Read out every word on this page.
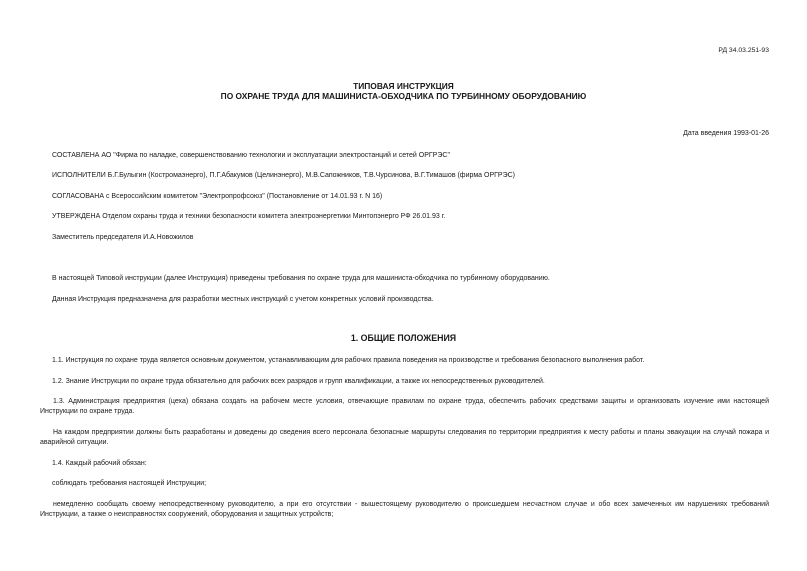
РД 34.03.251-93
ТИПОВАЯ ИНСТРУКЦИЯ
ПО ОХРАНЕ ТРУДА ДЛЯ МАШИНИСТА-ОБХОДЧИКА ПО ТУРБИННОМУ ОБОРУДОВАНИЮ
Дата введения 1993-01-26
СОСТАВЛЕНА АО "Фирма по наладке, совершенствованию технологии и эксплуатации электростанций и сетей ОРГРЭС"
ИСПОЛНИТЕЛИ Б.Г.Булыгин (Костромаэнерго), П.Г.Абакумов (Целинэнерго), М.В.Сапожников, Т.В.Чурсинова, В.Г.Тимашов (фирма ОРГРЭС)
СОГЛАСОВАНА с Всероссийским комитетом "Электропрофсоюз" (Постановление от 14.01.93 г. N 16)
УТВЕРЖДЕНА Отделом охраны труда и техники безопасности комитета электроэнергетики Минтопэнерго РФ 26.01.93 г.
Заместитель председателя И.А.Новожилов
В настоящей Типовой инструкции (далее Инструкция) приведены требования по охране труда для машиниста-обходчика по турбинному оборудованию.
Данная Инструкция предназначена для разработки местных инструкций с учетом конкретных условий производства.
1. ОБЩИЕ ПОЛОЖЕНИЯ
1.1. Инструкция по охране труда является основным документом, устанавливающим для рабочих правила поведения на производстве и требования безопасного выполнения работ.
1.2. Знание Инструкции по охране труда обязательно для рабочих всех разрядов и групп квалификации, а также их непосредственных руководителей.
1.3. Администрация предприятия (цеха) обязана создать на рабочем месте условия, отвечающие правилам по охране труда, обеспечить рабочих средствами защиты и организовать изучение ими настоящей Инструкции по охране труда.
На каждом предприятии должны быть разработаны и доведены до сведения всего персонала безопасные маршруты следования по территории предприятия к месту работы и планы эвакуации на случай пожара и аварийной ситуации.
1.4. Каждый рабочий обязан:
соблюдать требования настоящей Инструкции;
немедленно сообщать своему непосредственному руководителю, а при его отсутствии - вышестоящему руководителю о происшедшем несчастном случае и обо всех замеченных им нарушениях требований Инструкции, а также о неисправностях сооружений, оборудования и защитных устройств;
